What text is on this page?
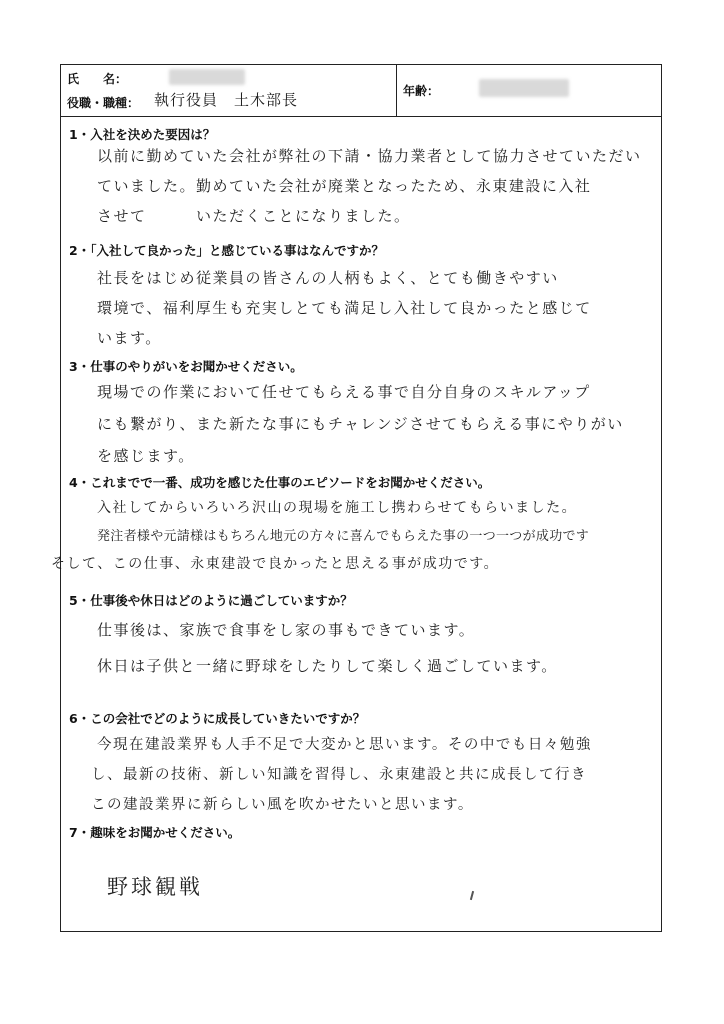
氏　　名：
役職・職種： 執行役員　土木部長	年齢：
1・入社を決めた要因は？
以前に勤めていた会社が弊社の下請・協力業者として協力させていただい
ていました。勤めていた会社が廃業となったため、永東建設に入社
させて　　　いただくことになりました。
2・「入社して良かった」と感じている事はなんですか？
社長をはじめ従業員の皆さんの人柄もよく、とても働きやすい
環境で、福利厚生も充実しとても満足し入社して良かったと感じて
います。
3・仕事のやりがいをお聞かせください。
現場での作業において任せてもらえる事で自分自身のスキルアップ
にも繋がり、また新たな事にもチャレンジさせてもらえる事にやりがい
を感じます。
4・これまでで一番、成功を感じた仕事のエピソードをお聞かせください。
入社してからいろいろ沢山の現場を施工し携わらせてもらいました。
発注者様や元請様はもちろん地元の方々に喜んでもらえた事の一つ一つが成功です
そして、この仕事、永東建設で良かったと思える事が成功です。
5・仕事後や休日はどのように過ごしていますか？
仕事後は、家族で食事をし家の事もできています。
休日は子供と一緒に野球をしたりして楽しく過ごしています。
6・この会社でどのように成長していきたいですか？
今現在建設業界も人手不足で大変かと思います。その中でも日々勉強
し、最新の技術、新しい知識を習得し、永東建設と共に成長して行き
この建設業界に新らしい風を吹かせたいと思います。
7・趣味をお聞かせください。
野球観戦
